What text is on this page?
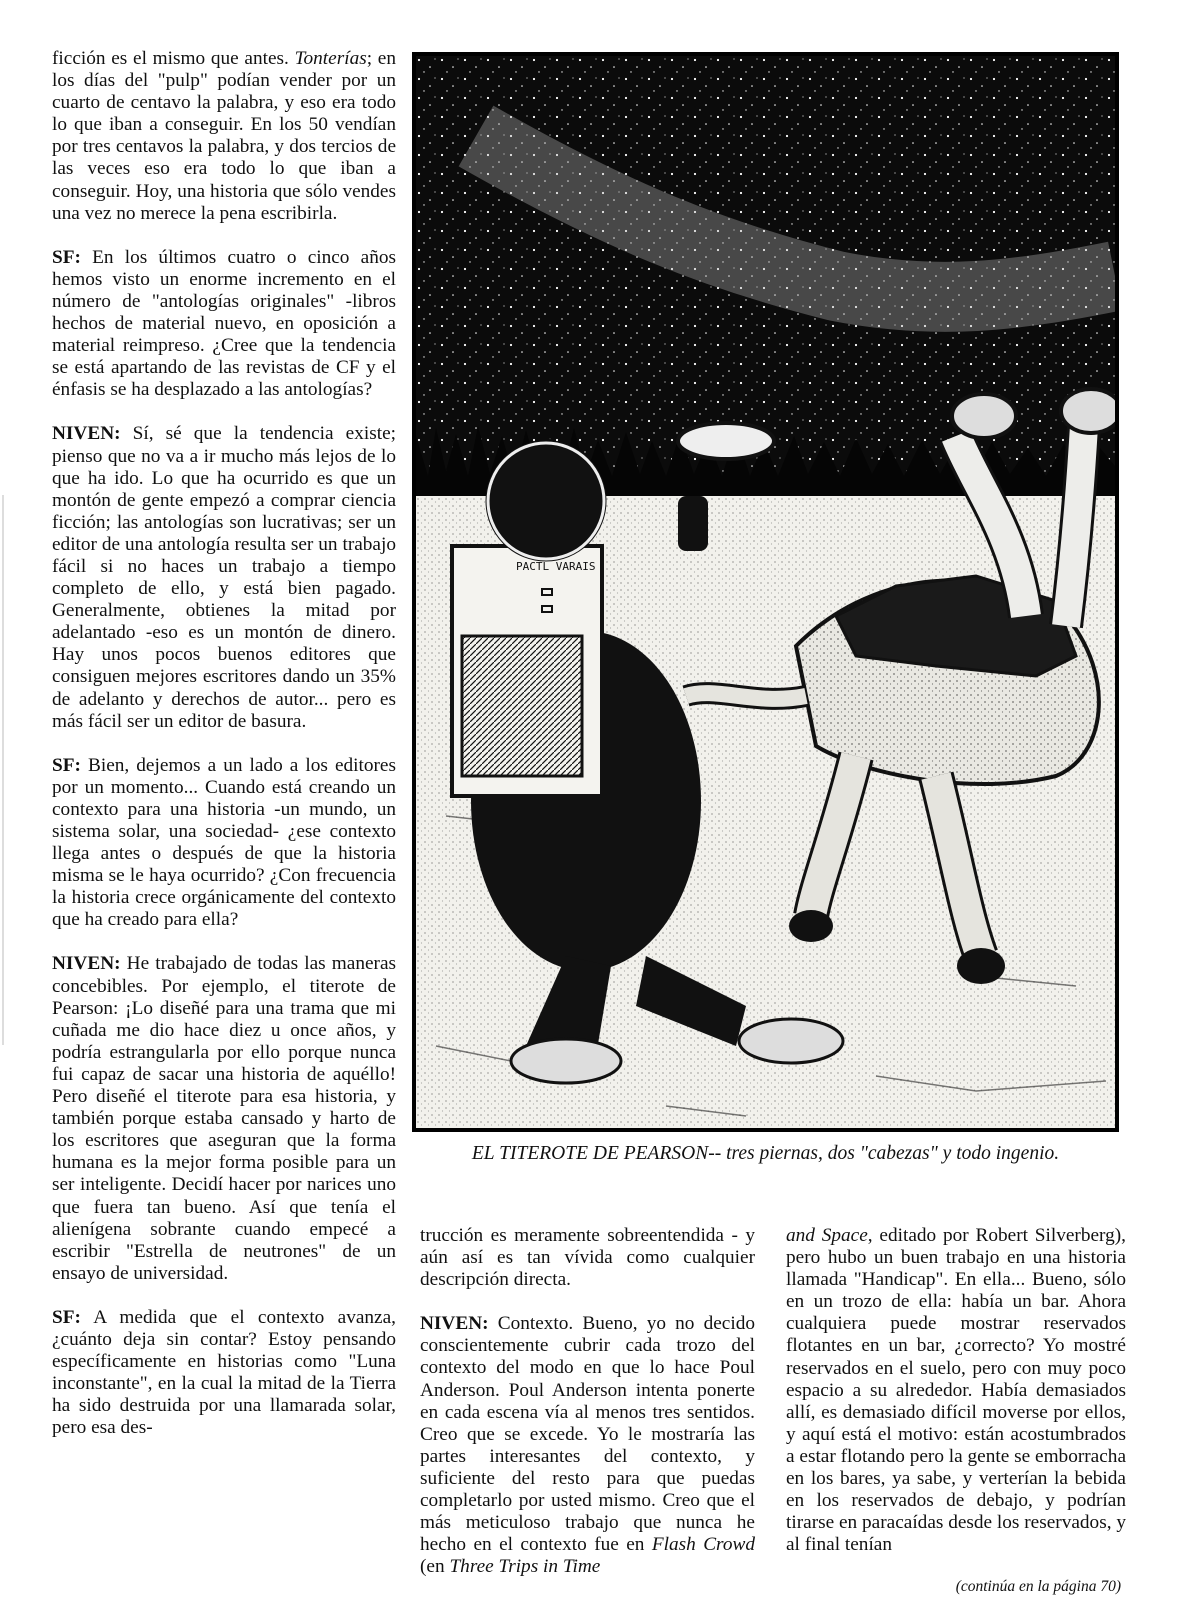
ficción es el mismo que antes. Tonterías; en los días del "pulp" podían vender por un cuarto de centavo la palabra, y eso era todo lo que iban a conseguir. En los 50 vendían por tres centavos la palabra, y dos tercios de las veces eso era todo lo que iban a conseguir. Hoy, una historia que sólo vendes una vez no merece la pena escribirla.

SF: En los últimos cuatro o cinco años hemos visto un enorme incremento en el número de "antologías originales" -libros hechos de material nuevo, en oposición a material reimpreso. ¿Cree que la tendencia se está apartando de las revistas de CF y el énfasis se ha desplazado a las antologías?

NIVEN: Sí, sé que la tendencia existe; pienso que no va a ir mucho más lejos de lo que ha ido. Lo que ha ocurrido es que un montón de gente empezó a comprar ciencia ficción; las antologías son lucrativas; ser un editor de una antología resulta ser un trabajo fácil si no haces un trabajo a tiempo completo de ello, y está bien pagado. Generalmente, obtienes la mitad por adelantado -eso es un montón de dinero. Hay unos pocos buenos editores que consiguen mejores escritores dando un 35% de adelanto y derechos de autor... pero es más fácil ser un editor de basura.

SF: Bien, dejemos a un lado a los editores por un momento... Cuando está creando un contexto para una historia -un mundo, un sistema solar, una sociedad- ¿ese contexto llega antes o después de que la historia misma se le haya ocurrido? ¿Con frecuencia la historia crece orgánicamente del contexto que ha creado para ella?

NIVEN: He trabajado de todas las maneras concebibles. Por ejemplo, el titerote de Pearson: ¡Lo diseñé para una trama que mi cuñada me dio hace diez u once años, y podría estrangularla por ello porque nunca fui capaz de sacar una historia de aquéllo! Pero diseñé el titerote para esa historia, y también porque estaba cansado y harto de los escritores que aseguran que la forma humana es la mejor forma posible para un ser inteligente. Decidí hacer por narices uno que fuera tan bueno. Así que tenía el alienígena sobrante cuando empecé a escribir "Estrella de neutrones" de un ensayo de universidad.

SF: A medida que el contexto avanza, ¿cuánto deja sin contar? Estoy pensando específicamente en historias como "Luna inconstante", en la cual la mitad de la Tierra ha sido destruida por una llamarada solar, pero esa des-

PACTL VARAIS
EL TITEROTE DE PEARSON-- tres piernas, dos "cabezas" y todo ingenio.

trucción es meramente sobreentendida - y aún así es tan vívida como cualquier descripción directa.

NIVEN: Contexto. Bueno, yo no decido conscientemente cubrir cada trozo del contexto del modo en que lo hace Poul Anderson. Poul Anderson intenta ponerte en cada escena vía al menos tres sentidos. Creo que se excede. Yo le mostraría las partes interesantes del contexto, y suficiente del resto para que puedas completarlo por usted mismo. Creo que el más meticuloso trabajo que nunca he hecho en el contexto fue en Flash Crowd (en Three Trips in Time

and Space, editado por Robert Silverberg), pero hubo un buen trabajo en una historia llamada "Handicap". En ella... Bueno, sólo en un trozo de ella: había un bar. Ahora cualquiera puede mostrar reservados flotantes en un bar, ¿correcto? Yo mostré reservados en el suelo, pero con muy poco espacio a su alrededor. Había demasiados allí, es demasiado difícil moverse por ellos, y aquí está el motivo: están acostumbrados a estar flotando pero la gente se emborracha en los bares, ya sabe, y verterían la bebida en los reservados de debajo, y podrían tirarse en paracaídas desde los reservados, y al final tenían

(continúa en la página 70)
